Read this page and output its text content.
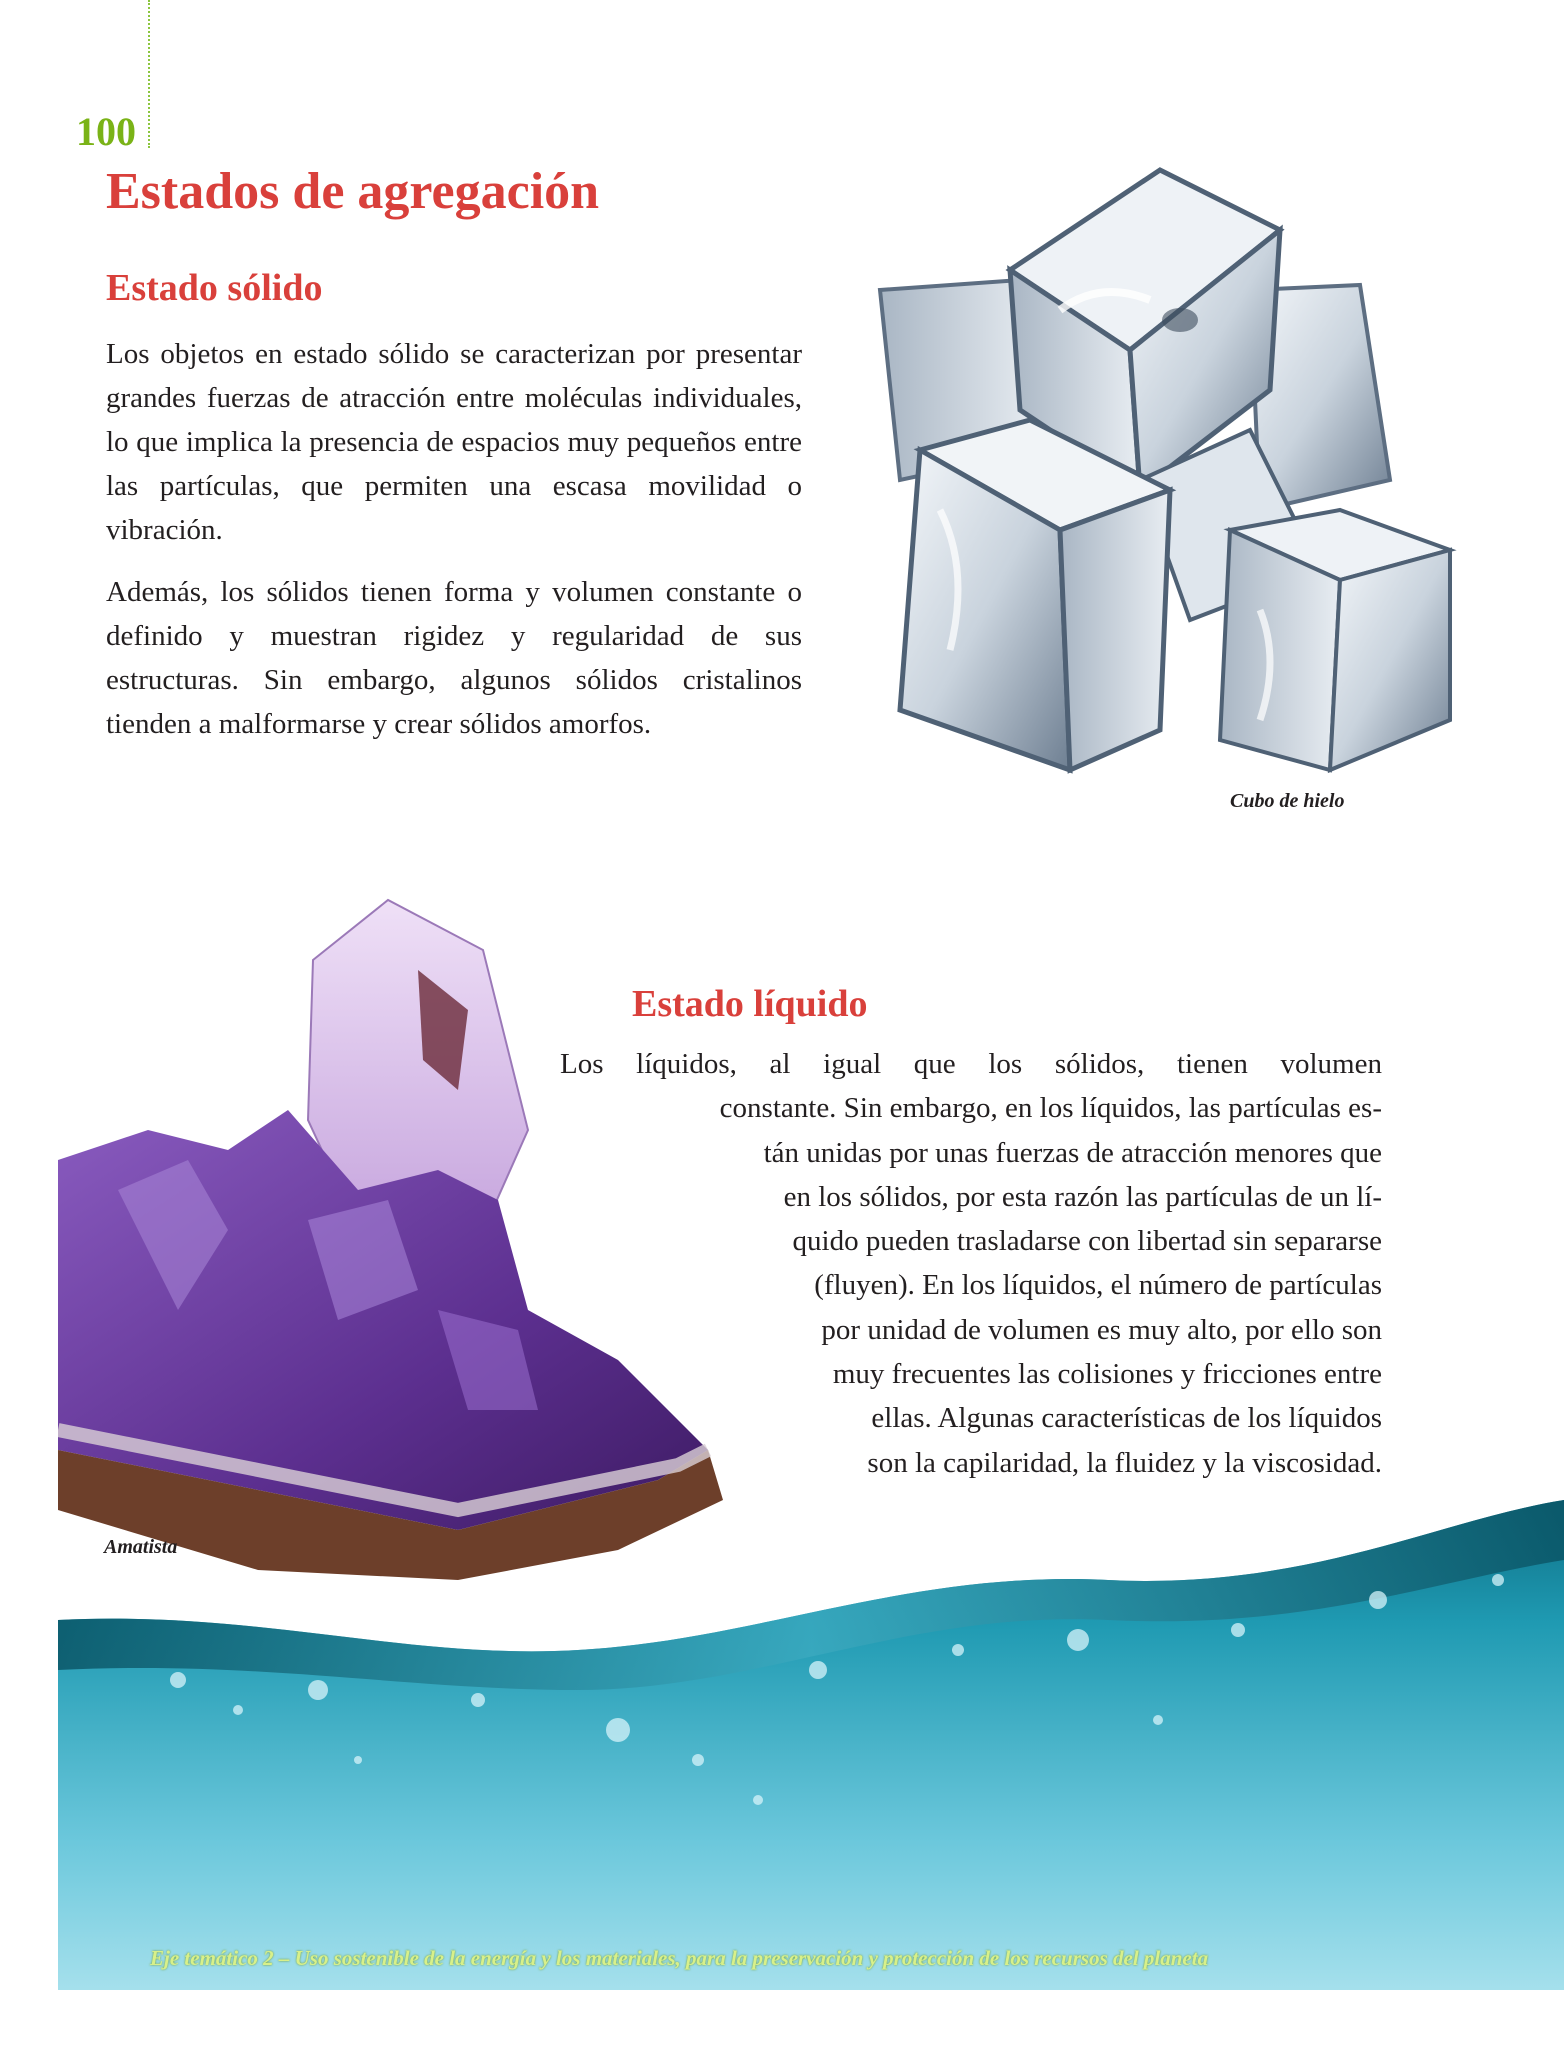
100
Estados de agregación
Estado sólido

Los objetos en estado sólido se caracterizan por presentar grandes fuerzas de atracción entre moléculas individuales, lo que implica la presencia de espacios muy pequeños entre las partículas, que permiten una escasa movilidad o vibración.

Además, los sólidos tienen forma y volumen constante o definido y muestran rigidez y regularidad de sus estructuras. Sin embargo, algunos sólidos cristalinos tienden a malformarse y crear sólidos amorfos.

Cubo de hielo
Amatista
Estado líquido
Los líquidos, al igual que los sólidos, tienen volumen
constante. Sin embargo, en los líquidos, las partículas es-
tán unidas por unas fuerzas de atracción menores que
en los sólidos, por esta razón las partículas de un lí-
quido pueden trasladarse con libertad sin separarse
(fluyen). En los líquidos, el número de partículas
por unidad de volumen es muy alto, por ello son
muy frecuentes las colisiones y fricciones entre
ellas. Algunas características de los líquidos
son la capilaridad, la fluidez y la viscosidad.
Eje temático 2 – Uso sostenible de la energía y los materiales, para la preservación y protección de los recursos del planeta
